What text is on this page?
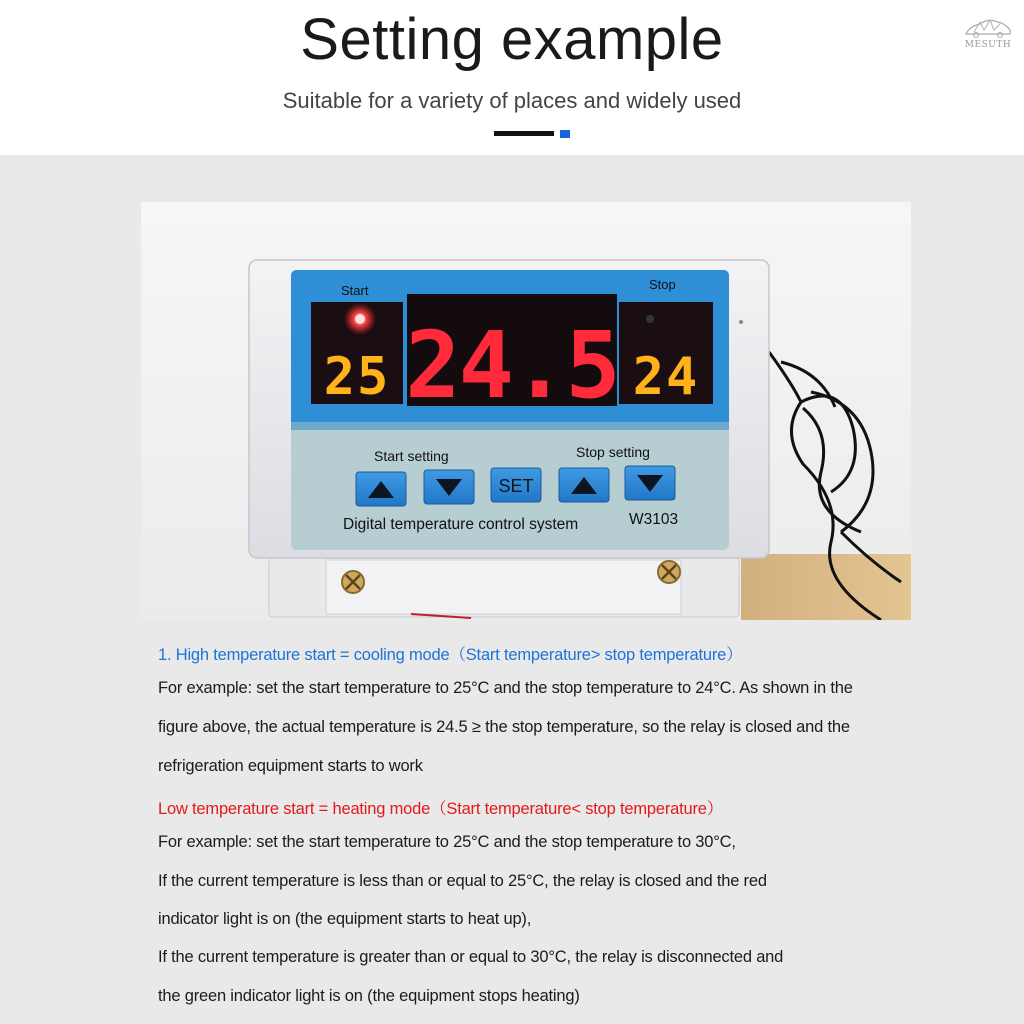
Setting example
Suitable for a variety of places and widely used
MESUTH
Start	Stop
25 24.5 24
Start setting	Stop setting
SET
Digital temperature control system	W3103

1. High temperature start = cooling mode（Start temperature> stop temperature）

For example: set the start temperature to 25°C and the stop temperature to 24°C. As shown in the

figure above, the actual temperature is 24.5 ≥ the stop temperature, so the relay is closed and the

refrigeration equipment starts to work

Low temperature start = heating mode（Start temperature< stop temperature）

For example: set the start temperature to 25°C and the stop temperature to 30°C,

If the current temperature is less than or equal to 25°C, the relay is closed and the red

indicator light is on (the equipment starts to heat up),

If the current temperature is greater than or equal to 30°C, the relay is disconnected and

the green indicator light is on (the equipment stops heating)
